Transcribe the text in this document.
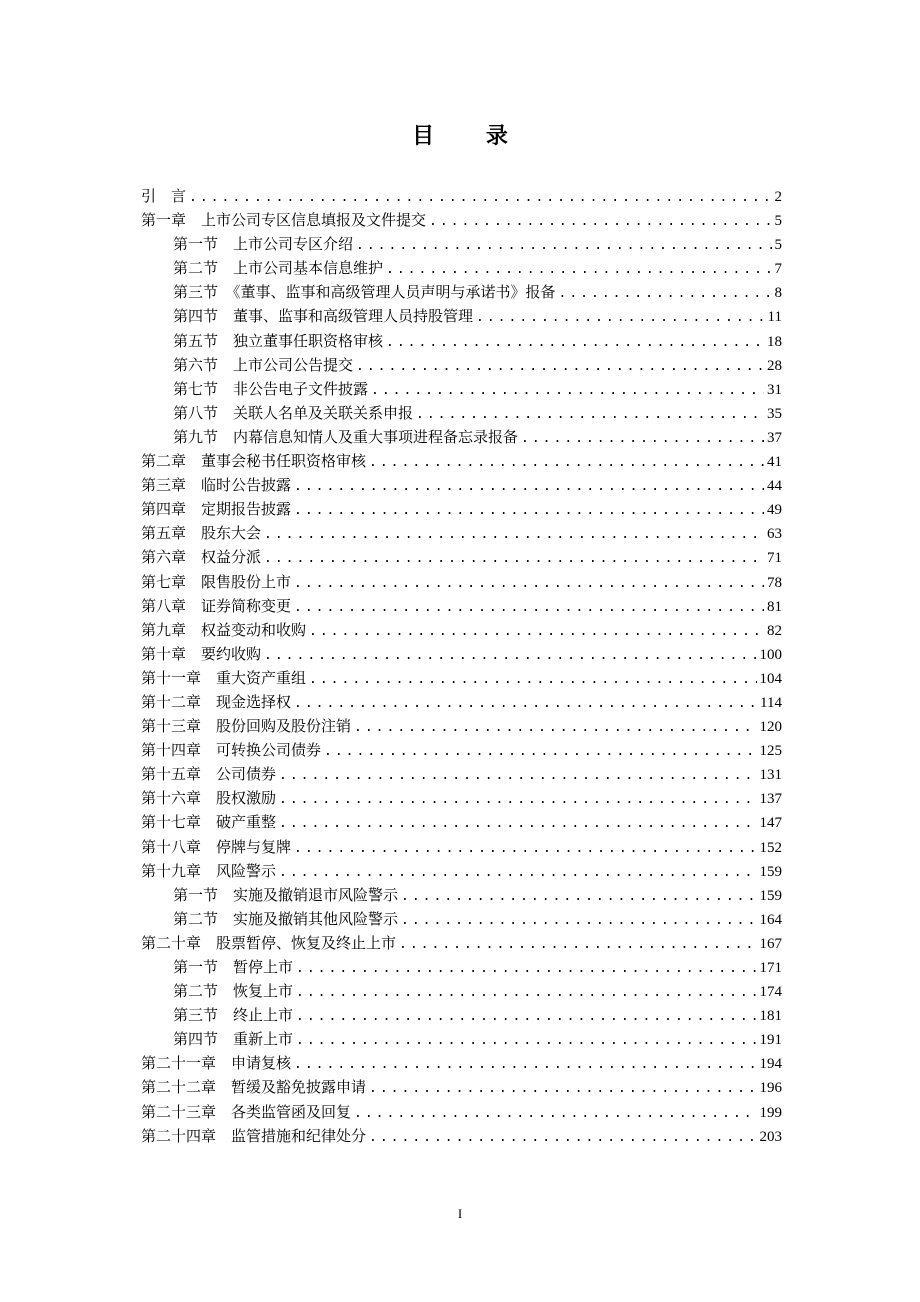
目 录
引　言 .....	2
第一章　上市公司专区信息填报及文件提交 .....	5
第一节　上市公司专区介绍 .....	5
第二节　上市公司基本信息维护 .....	7
第三节　《董事、监事和高级管理人员声明与承诺书》报备 .....	8
第四节　董事、监事和高级管理人员持股管理 .....	11
第五节　独立董事任职资格审核 .....	18
第六节　上市公司公告提交 .....	28
第七节　非公告电子文件披露 .....	31
第八节　关联人名单及关联关系申报 .....	35
第九节　内幕信息知情人及重大事项进程备忘录报备 .....	37
第二章　董事会秘书任职资格审核 .....	41
第三章　临时公告披露 .....	44
第四章　定期报告披露 .....	49
第五章　股东大会 .....	63
第六章　权益分派 .....	71
第七章　限售股份上市 .....	78
第八章　证券简称变更 .....	81
第九章　权益变动和收购 .....	82
第十章　要约收购 .....	100
第十一章　重大资产重组 .....	104
第十二章　现金选择权 .....	114
第十三章　股份回购及股份注销 .....	120
第十四章　可转换公司债券 .....	125
第十五章　公司债券 .....	131
第十六章　股权激励 .....	137
第十七章　破产重整 .....	147
第十八章　停牌与复牌 .....	152
第十九章　风险警示 .....	159
第一节　实施及撤销退市风险警示 .....	159
第二节　实施及撤销其他风险警示 .....	164
第二十章　股票暂停、恢复及终止上市 .....	167
第一节　暂停上市 .....	171
第二节　恢复上市 .....	174
第三节　终止上市 .....	181
第四节　重新上市 .....	191
第二十一章　申请复核 .....	194
第二十二章　暂缓及豁免披露申请 .....	196
第二十三章　各类监管函及回复 .....	199
第二十四章　监管措施和纪律处分 .....	203
I
